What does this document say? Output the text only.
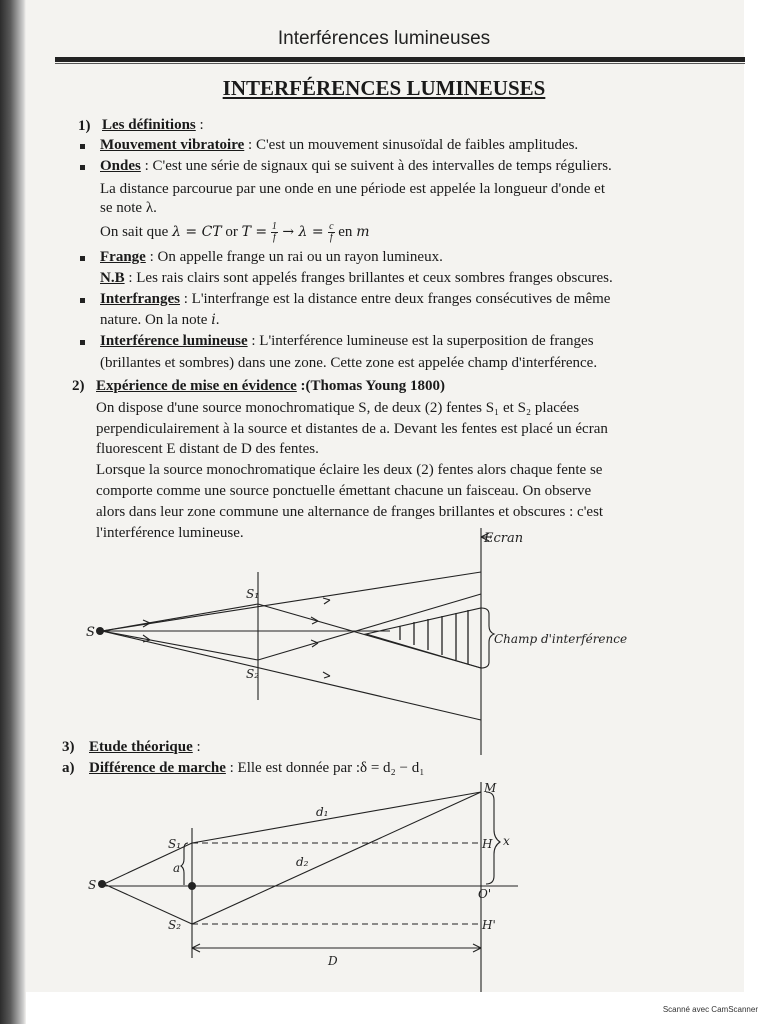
Interférences lumineuses
INTERFÉRENCES LUMINEUSES
1) Les définitions :
Mouvement vibratoire : C'est un mouvement sinusoïdal de faibles amplitudes.
Ondes : C'est une série de signaux qui se suivent à des intervalles de temps réguliers.
La distance parcourue par une onde en une période est appelée la longueur d'onde et
se note λ.
On sait que λ = CT or $T = \frac{1}{f} \to \lambda = \frac{c}{f}$ en m
Frange : On appelle frange un rai ou un rayon lumineux.
N.B : Les rais clairs sont appelés franges brillantes et ceux sombres franges obscures.
Interfranges : L'interfrange est la distance entre deux franges consécutives de même
nature. On la note i.
Interférence lumineuse : L'interférence lumineuse est la superposition de franges
(brillantes et sombres) dans une zone. Cette zone est appelée champ d'interférence.
2) Expérience de mise en évidence :(Thomas Young 1800)
On dispose d'une source monochromatique S, de deux (2) fentes S₁ et S₂ placées
perpendiculairement à la source et distantes de a. Devant les fentes est placé un écran
fluorescent E distant de D des fentes.
Lorsque la source monochromatique éclaire les deux (2) fentes alors chaque fente se
comporte comme une source ponctuelle émettant chacune un faisceau. On observe
alors dans leur zone commune une alternance de franges brillantes et obscures : c'est
l'interférence lumineuse.	Ecran
S
S₁
S₂
Champ d'interférence
3) Etude théorique :
a) Différence de marche : Elle est donnée par :δ = d₂ − d₁
S
S₁
S₂
a
d₁
d₂
M
H x
O'
H'
D
Scanné avec CamScanner
